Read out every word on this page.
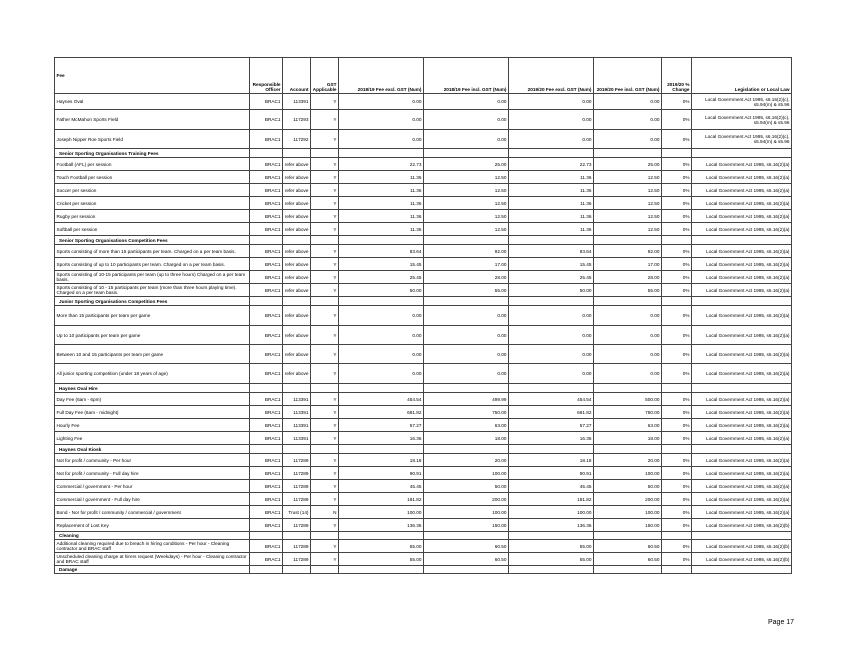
Fee	Responsible Officer	Account	GST Applicable	2018/19 Fee excl. GST (Num)	2018/19 Fee incl. GST (Num)	2019/20 Fee excl. GST (Num)	2019/20 Fee incl. GST (Num)	2019/20 % Change	Legislation or Local Law
Haynes Oval	BRAC1	113391	Y	0.00	0.00	0.00	0.00	0%	Local Government Act 1995, s6.16(2)(c), s5.94(m) & s5.96
Father McMahon Sports Field	BRAC1	117293	Y	0.00	0.00	0.00	0.00	0%	Local Government Act 1995, s6.16(2)(c), s5.94(m) & s5.96
Joseph Nipper Roe Sports Field	BRAC1	117292	Y	0.00	0.00	0.00	0.00	0%	Local Government Act 1995, s6.16(2)(c), s5.94(m) & s5.96
Senior Sporting Organisations Training Fees									
Football (AFL) per session	BRAC1	refer above	Y	22.73	25.00	22.73	25.00	0%	Local Government Act 1995, s6.16(2)(a)
Touch Football per session	BRAC1	refer above	Y	11.36	12.50	11.36	12.50	0%	Local Government Act 1995, s6.16(2)(a)
Soccer per session	BRAC1	refer above	Y	11.36	12.50	11.36	12.50	0%	Local Government Act 1995, s6.16(2)(a)
Cricket per session	BRAC1	refer above	Y	11.36	12.50	11.36	12.50	0%	Local Government Act 1995, s6.16(2)(a)
Rugby per session	BRAC1	refer above	Y	11.36	12.50	11.36	12.50	0%	Local Government Act 1995, s6.16(2)(a)
Softball per session	BRAC1	refer above	Y	11.36	12.50	11.36	12.50	0%	Local Government Act 1995, s6.16(2)(a)
Senior Sporting Organisations Competition Fees									
Sports consisting of more than 15 participants per team. Charged on a per team basis.	BRAC1	refer above	Y	83.64	92.00	83.64	92.00	0%	Local Government Act 1995, s6.16(2)(a)
Sports consisting of up to 10 participants per team. Charged on a per team basis.	BRAC1	refer above	Y	15.45	17.00	15.45	17.00	0%	Local Government Act 1995, s6.16(2)(a)
Sports consisting of 10-15 participants per team (up to three hours) Charged on a per team basis.	BRAC1	refer above	Y	25.45	28.00	25.45	28.00	0%	Local Government Act 1995, s6.16(2)(a)
Sports consisting of 10 - 15 participants per team (more than three hours playing time). Charged on a per team basis.	BRAC1	refer above	Y	50.00	55.00	50.00	55.00	0%	Local Government Act 1995, s6.16(2)(a)
Junior Sporting Organisations Competition Fees									
More than 15 participants per team per game	BRAC1	refer above	Y	0.00	0.00	0.00	0.00	0%	Local Government Act 1995, s6.16(2)(a)
Up to 10 participants per team per game	BRAC1	refer above	Y	0.00	0.00	0.00	0.00	0%	Local Government Act 1995, s6.16(2)(a)
Between 10 and 15 participants per team per game	BRAC1	refer above	Y	0.00	0.00	0.00	0.00	0%	Local Government Act 1995, s6.16(2)(a)
All junior sporting competition (under 18 years of age)	BRAC1	refer above	Y	0.00	0.00	0.00	0.00	0%	Local Government Act 1995, s6.16(2)(a)
Haynes Oval Hire									
Day Fee (6am - 6pm)	BRAC1	113391	Y	454.54	499.99	454.54	500.00	0%	Local Government Act 1995, s6.16(2)(a)
Full Day Fee (6am - midnight)	BRAC1	113391	Y	681.82	750.00	681.82	750.00	0%	Local Government Act 1995, s6.16(2)(a)
Hourly Fee	BRAC1	113391	Y	57.27	63.00	57.27	63.00	0%	Local Government Act 1995, s6.16(2)(a)
Lighting Fee	BRAC1	113391	Y	16.36	18.00	16.36	18.00	0%	Local Government Act 1995, s6.16(2)(a)
Haynes Oval Kiosk									
Not for profit / community - Per hour	BRAC1	117289	Y	18.18	20.00	18.18	20.00	0%	Local Government Act 1995, s6.16(2)(a)
Not for profit / community - Full day hire	BRAC1	117289	Y	90.91	100.00	90.91	100.00	0%	Local Government Act 1995, s6.16(2)(a)
Commercial / government - Per hour	BRAC1	117289	Y	45.45	50.00	45.45	50.00	0%	Local Government Act 1995, s6.16(2)(a)
Commercial / government - Full day hire	BRAC1	117289	Y	181.82	200.00	181.82	200.00	0%	Local Government Act 1995, s6.16(2)(a)
Bond - Nor for profit / community / commercial / government	BRAC1	Trust (14)	N	100.00	100.00	100.00	100.00	0%	Local Government Act 1995, s6.16(2)(a)
Replacement of Lost Key	BRAC1	117289	Y	136.36	150.00	136.36	150.00	0%	Local Government Act 1995, s6.16(2)(b)
Cleaning									
Additional cleaning required due to breach in hiring conditions - Per hour - Cleaning contractor and BRAC staff	BRAC1	117289	Y	55.00	60.50	55.00	60.50	0%	Local Government Act 1995, s6.16(2)(b)
Unscheduled cleaning charge at hirers request (Weekdays) - Per hour - Cleaning contractor and BRAC staff	BRAC1	117289	Y	55.00	60.50	55.00	60.50	0%	Local Government Act 1995, s6.16(2)(b)
Damage									
Page 17
